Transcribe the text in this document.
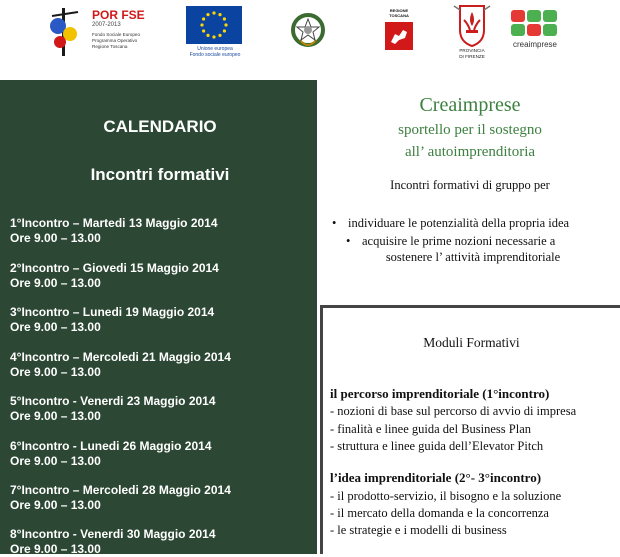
POR FSE
2007-2013
Fondo Sociale Europeo
Programma Operativo
Regione Toscana	Unione europea
Fondo sociale europeo
REGIONE
TOSCANA
PROVINCIA
DI FIRENZE
creaimprese
CALENDARIO
Incontri formativi
1°Incontro – Martedi 13 Maggio 2014
Ore 9.00 – 13.00
2°Incontro – Giovedi 15 Maggio 2014
Ore 9.00 – 13.00
3°Incontro – Lunedi 19 Maggio 2014
Ore 9.00 – 13.00
4°Incontro – Mercoledi 21 Maggio 2014
Ore 9.00 – 13.00
5°Incontro - Venerdi 23 Maggio 2014
Ore 9.00 – 13.00
6°Incontro - Lunedi 26 Maggio 2014
Ore 9.00 – 13.00
7°Incontro – Mercoledi 28 Maggio 2014
Ore 9.00 – 13.00
8°Incontro - Venerdi 30 Maggio 2014
Ore 9.00 – 13.00
Creaimprese
sportello per il sostegno
all’ autoimprenditoria
Incontri formativi di gruppo per
• individuare le potenzialità della propria idea
• acquisire le prime nozioni necessarie a
sostenere l’ attività imprenditoriale
Moduli Formativi
il percorso imprenditoriale (1°incontro)
- nozioni di base sul percorso di avvio di impresa
- finalità e linee guida del Business Plan
- struttura e linee guida dell’Elevator Pitch
l’idea imprenditoriale (2°- 3°incontro)
- il prodotto-servizio, il bisogno e la soluzione
- il mercato della domanda e la concorrenza
- le strategie e i modelli di business
